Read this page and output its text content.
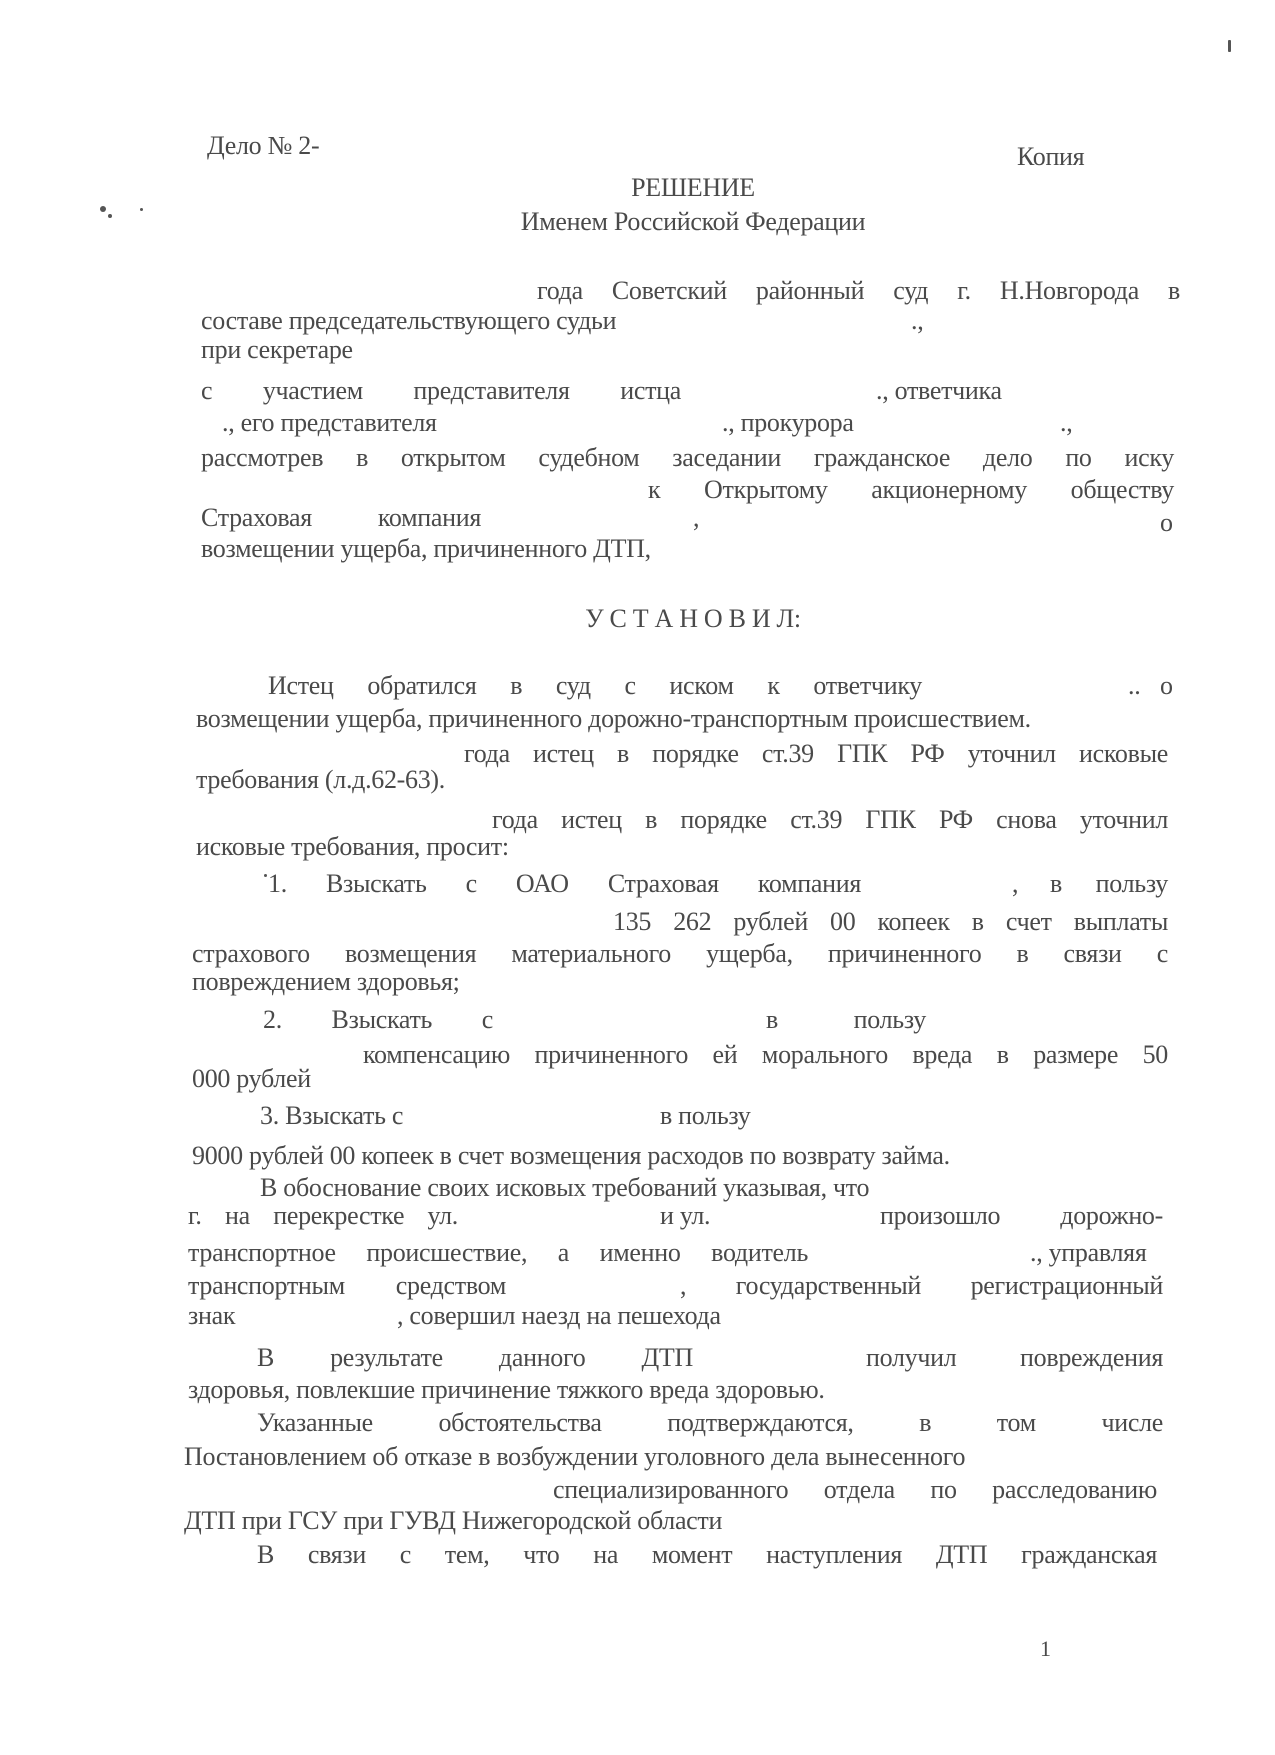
Дело № 2-	Копия
РЕШЕНИЕ
Именем Российской Федерации
года Советский районный суд г. Н.Новгорода в
составе председательствующего судьи	.,
при секретаре
с участием представителя истца	., ответчика
., его представителя	., прокурора	.,
рассмотрев в открытом судебном заседании гражданское дело по иску
к Открытому акционерному обществу
Страховая компания	,	о
возмещении ущерба, причиненного ДТП,
У С Т А Н О В И Л:
Истец обратился в суд с иском к ответчику	.. о
возмещении ущерба, причиненного дорожно-транспортным происшествием.
года истец в порядке ст.39 ГПК РФ уточнил исковые
требования (л.д.62-63).
года истец в порядке ст.39 ГПК РФ снова уточнил
исковые требования, просит:
1. Взыскать с ОАО Страховая компания	, в пользу
135 262 рублей 00 копеек в счет выплаты
страхового возмещения материального ущерба, причиненного в связи с
повреждением здоровья;
2. Взыскать с	в пользу
компенсацию причиненного ей морального вреда в размере 50
000 рублей
3. Взыскать с	в пользу
9000 рублей 00 копеек в счет возмещения расходов по возврату займа.
В обоснование своих исковых требований указывая, что
г. на перекрестке ул.	и ул.	произошло дорожно-
транспортное происшествие, а именно водитель	., управляя
транспортным средством	, государственный регистрационный
знак	, совершил наезд на пешехода
В результате данного ДТП	получил повреждения
здоровья, повлекшие причинение тяжкого вреда здоровью.
Указанные обстоятельства подтверждаются, в том числе
Постановлением об отказе в возбуждении уголовного дела вынесенного
специализированного отдела по расследованию
ДТП при ГСУ при ГУВД Нижегородской области
В связи с тем, что на момент наступления ДТП гражданская
1
